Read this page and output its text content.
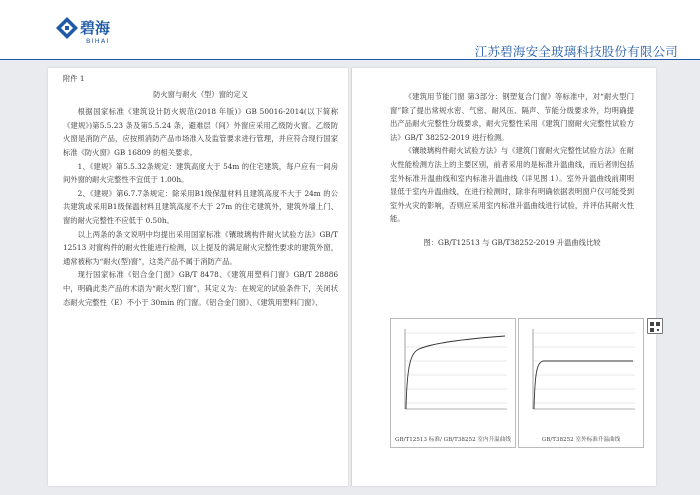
碧海
BIHAI
江苏碧海安全玻璃科技股份有限公司

附件 1

防火窗与耐火（型）窗的定义

根据国家标准《建筑设计防火规范(2018 年版)》GB 50016-2014(以下简称《建规》)第5.5.23 条及第5.5.24 条，避难层（间）外窗应采用乙级防火窗。乙级防火窗是消防产品，应按照消防产品市场准入及监管要求进行管理，并应符合现行国家标准《防火窗》GB 16809 的相关要求。

1、《建规》第5.5.32条规定：建筑高度大于 54m 的住宅建筑，每户应有一间房间外窗的耐火完整性不宜低于 1.00h。

2、《建规》第6.7.7条规定：除采用B1级保温材料且建筑高度不大于 24m 的公共建筑或采用B1级保温材料且建筑高度不大于 27m 的住宅建筑外，建筑外墙上门、窗的耐火完整性不应低于 0.50h。

以上两条的条文说明中均提出采用国家标准《镶玻璃构件耐火试验方法》GB/T 12513 对窗构件的耐火性能进行检测，以上提及的满足耐火完整性要求的建筑外窗，通常被称为“耐火(型)窗”，这类产品不属于消防产品。

现行国家标准《铝合金门窗》GB/T 8478、《建筑用塑料门窗》GB/T 28886 中，明确此类产品的术语为“耐火型门窗”，其定义为：在规定的试验条件下，关闭状态耐火完整性（E）不小于 30min 的门窗。《铝合金门窗》、《建筑用塑料门窗》、

《建筑用节能门窗 第3部分：钢塑复合门窗》等标准中，对“耐火型门窗”除了提出常规水密、气密、耐风压、隔声、节能分级要求外，均明确提出产品耐火完整性分级要求，耐火完整性采用《建筑门窗耐火完整性试验方法》GB/T 38252-2019 进行检测。

《镶玻璃构件耐火试验方法》与《建筑门窗耐火完整性试验方法》在耐火性能检测方法上的主要区别，前者采用的是标准升温曲线，而后者则包括室外标准升温曲线和室内标准升温曲线（详见图 1）。室外升温曲线前期明显低于室内升温曲线，在进行检测时，除非有明确依据表明窗户仅可能受到室外火灾的影响，否则应采用室内标准升温曲线进行试验，并评估其耐火性能。

图：GB/T12513 与 GB/T38252-2019 升温曲线比较
GB/T12513 标准/ GB/T38252 室内升温曲线	GB/T38252 室外标准升温曲线
